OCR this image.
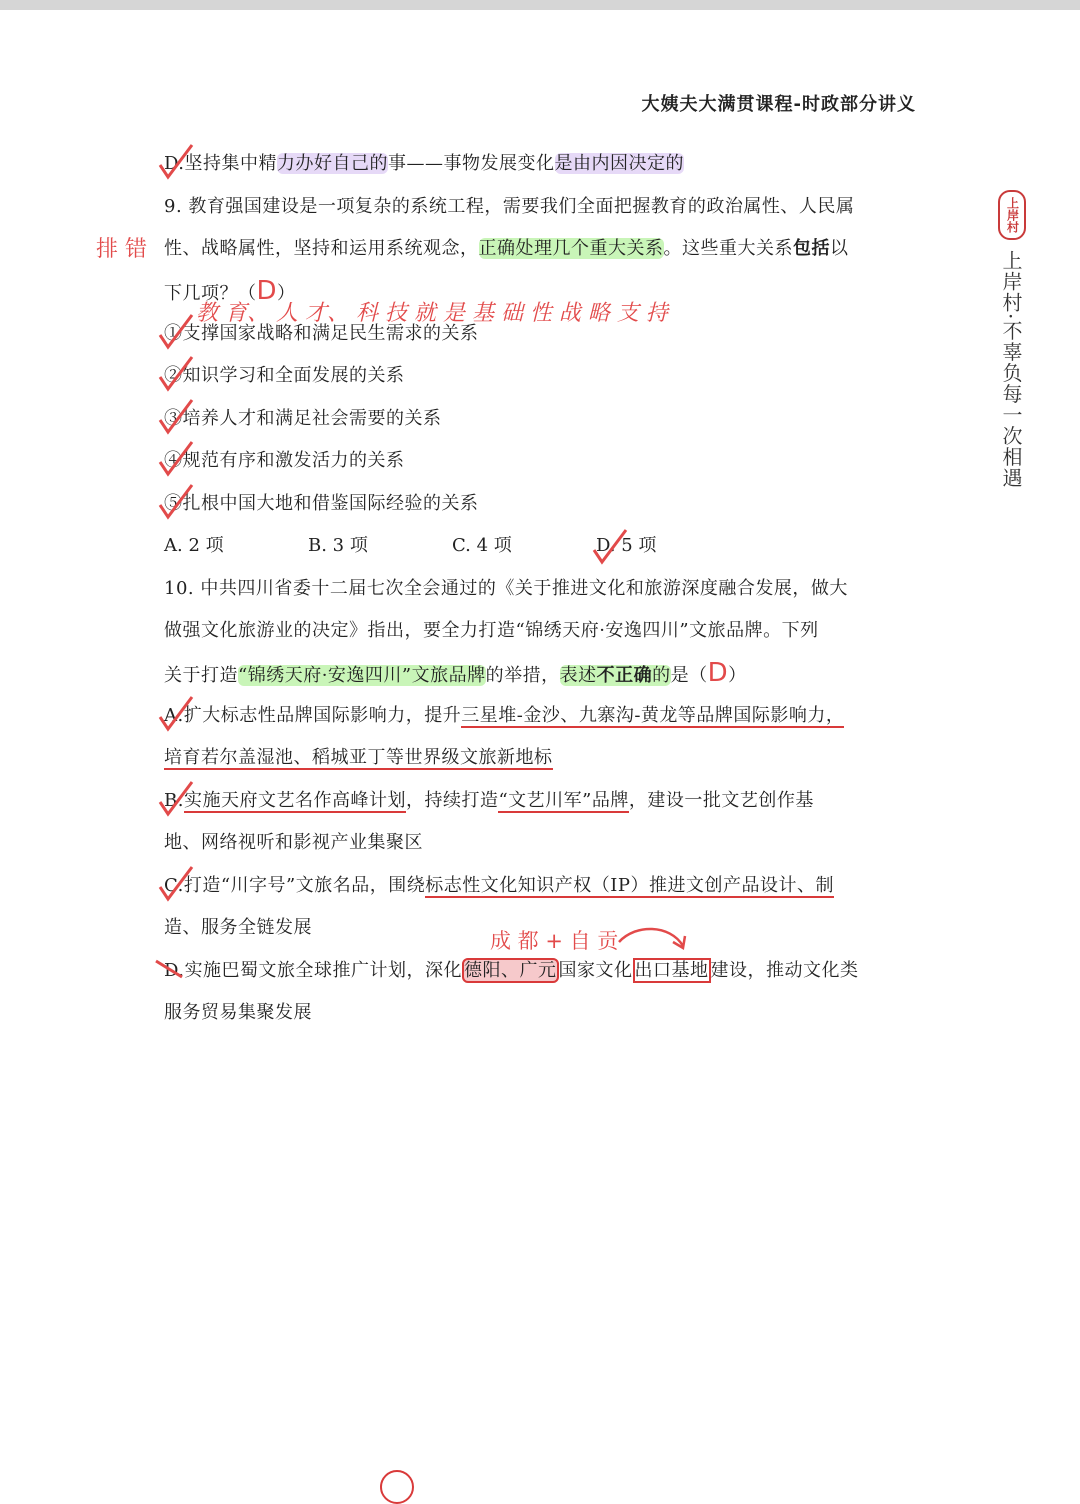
大姨夫大满贯课程-时政部分讲义
上岸村
上岸村·不辜负每一次相遇
D.坚持集中精力办好自己的事——事物发展变化是由内因决定的
9. 教育强国建设是一项复杂的系统工程，需要我们全面把握教育的政治属性、人民属
性、战略属性，坚持和运用系统观念，正确处理几个重大关系。这些重大关系包括以
下几项？（D）
排 错
教 育、 人 才、 科 技 就 是 基 础 性 战 略 支 持
①支撑国家战略和满足民生需求的关系
②知识学习和全面发展的关系
③培养人才和满足社会需要的关系
④规范有序和激发活力的关系
⑤扎根中国大地和借鉴国际经验的关系
A. 2 项	B. 3 项	C. 4 项	D. 5 项
10. 中共四川省委十二届七次全会通过的《关于推进文化和旅游深度融合发展，做大
做强文化旅游业的决定》指出，要全力打造“锦绣天府·安逸四川”文旅品牌。下列
关于打造“锦绣天府·安逸四川”文旅品牌的举措，表述不正确的是（D）
A.扩大标志性品牌国际影响力，提升三星堆-金沙、九寨沟-黄龙等品牌国际影响力，
培育若尔盖湿池、稻城亚丁等世界级文旅新地标
B.实施天府文艺名作高峰计划，持续打造“文艺川军”品牌，建设一批文艺创作基
地、网络视听和影视产业集聚区
C.打造“川字号”文旅名品，围绕标志性文化知识产权（IP）推进文创产品设计、制
造、服务全链发展
成 都 + 自 贡
D.实施巴蜀文旅全球推广计划，深化 德阳、广元 国家文化 出口基地 建设，推动文化类
服务贸易集聚发展
